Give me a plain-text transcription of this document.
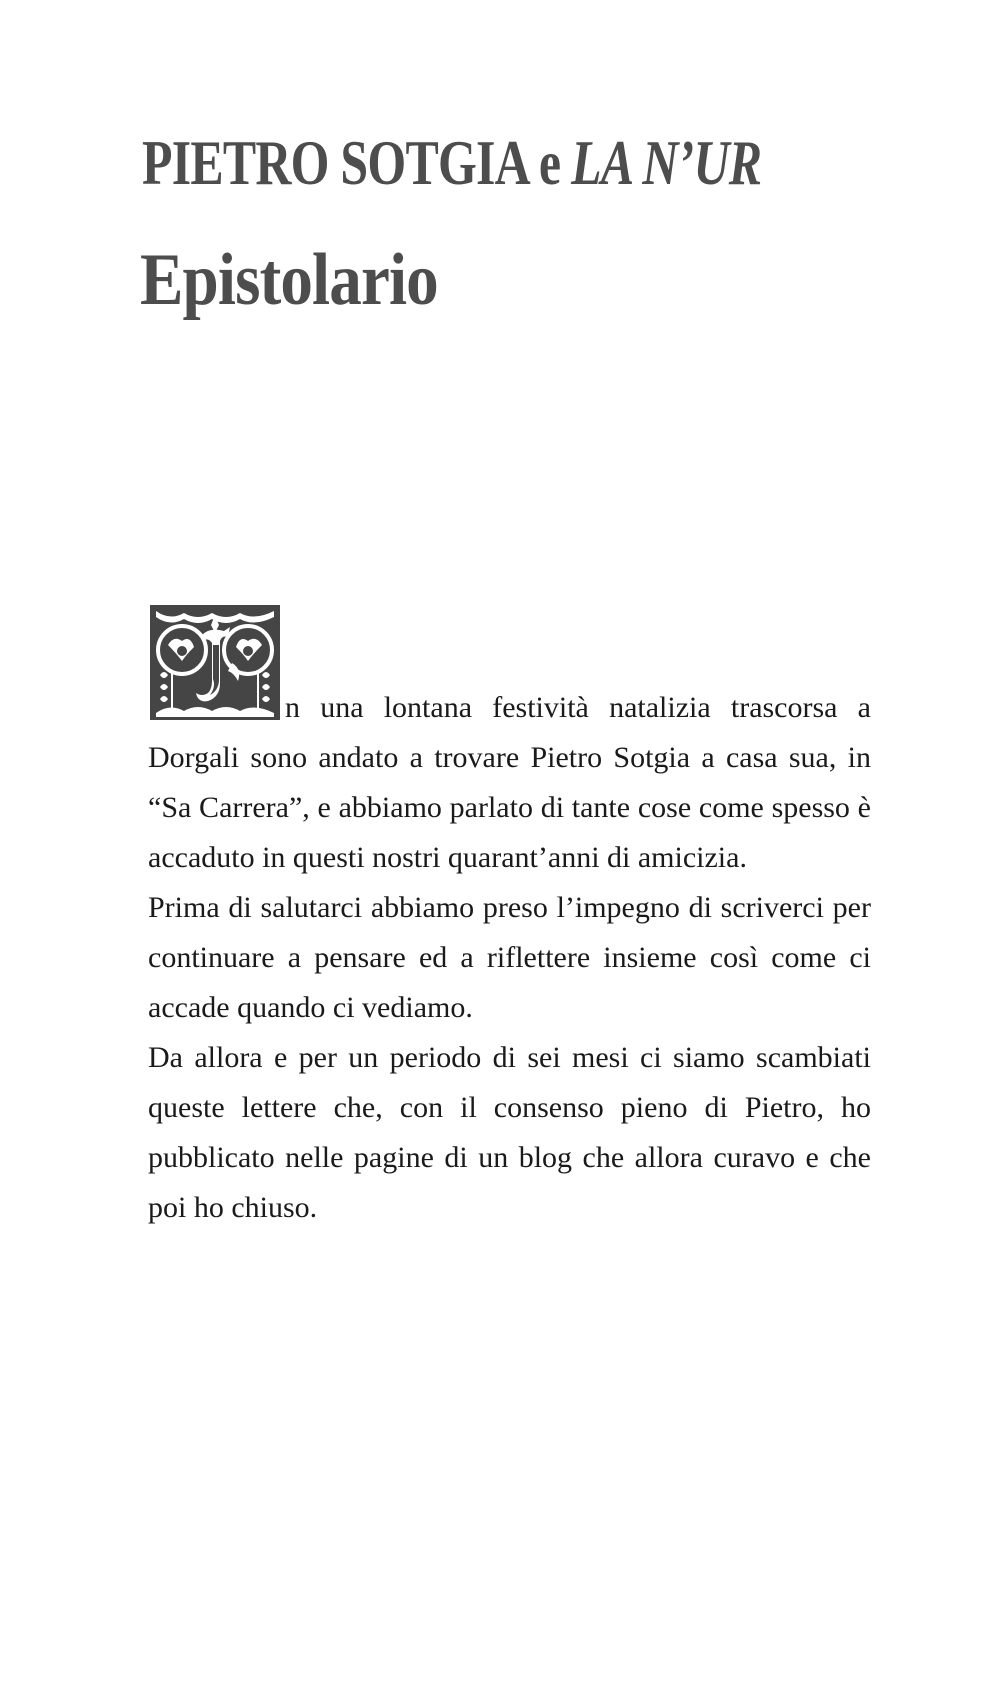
PIETRO SOTGIA e LA N’UR
Epistolario
n una lontana festività natalizia trascorsa a
Dorgali sono andato a trovare Pietro Sotgia a casa sua, in
“Sa Carrera”, e abbiamo parlato di tante cose come spesso è
accaduto in questi nostri quarant’anni di amicizia.
Prima di salutarci abbiamo preso l’impegno di scriverci per
continuare a pensare ed a riflettere insieme così come ci
accade quando ci vediamo.
Da allora e per un periodo di sei mesi ci siamo scambiati
queste lettere che, con il consenso pieno di Pietro, ho
pubblicato nelle pagine di un blog che allora curavo e che
poi ho chiuso.
